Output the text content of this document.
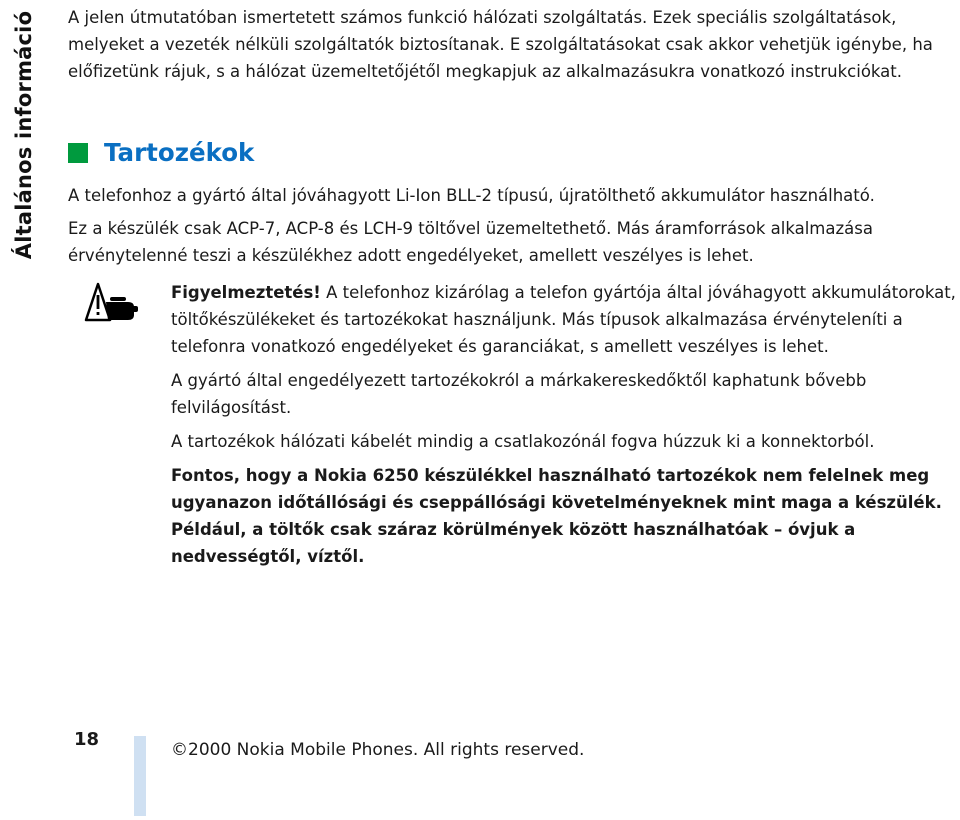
Általános információ A jelen útmutatóban ismertetett számos funkció hálózati szolgáltatás. Ezek speciális szolgáltatások, melyeket a vezeték nélküli szolgáltatók biztosítanak. E szolgáltatásokat csak akkor vehetjük igénybe, ha előfizetünk rájuk, s a hálózat üzemeltetőjétől megkapjuk az alkalmazásukra vonatkozó instrukciókat.

Tartozékok

A telefonhoz a gyártó által jóváhagyott Li-Ion BLL-2 típusú, újratölthető akkumulátor használható.

Ez a készülék csak ACP-7, ACP-8 és LCH-9 töltővel üzemeltethető. Más áramforrások alkalmazása érvénytelenné teszi a készülékhez adott engedélyeket, amellett veszélyes is lehet.

Figyelmeztetés! A telefonhoz kizárólag a telefon gyártója által jóváhagyott akkumulátorokat, töltőkészülékeket és tartozékokat használjunk. Más típusok alkalmazása érvényteleníti a telefonra vonatkozó engedélyeket és garanciákat, s amellett veszélyes is lehet.

A gyártó által engedélyezett tartozékokról a márkakereskedőktől kaphatunk bővebb felvilágosítást.

A tartozékok hálózati kábelét mindig a csatlakozónál fogva húzzuk ki a konnektorból.

Fontos, hogy a Nokia 6250 készülékkel használható tartozékok nem felelnek meg ugyanazon időtállósági és cseppállósági követelményeknek mint maga a készülék. Például, a töltők csak száraz körülmények között használhatóak – óvjuk a nedvességtől, víztől.

18	©2000 Nokia Mobile Phones. All rights reserved.
